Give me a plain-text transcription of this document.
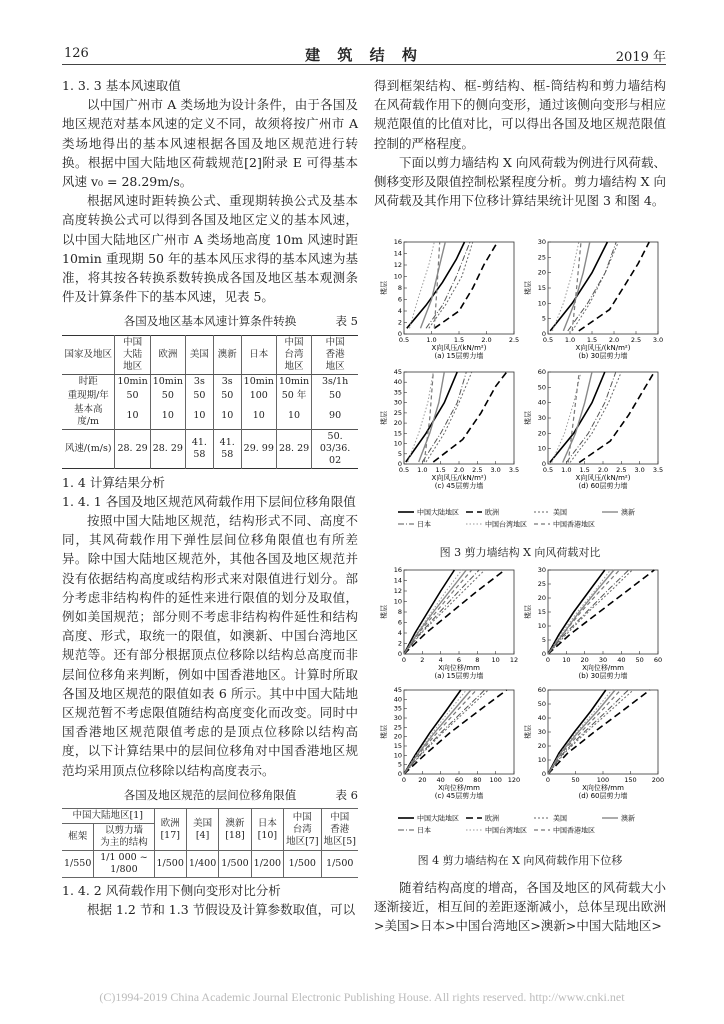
126	建 筑 结 构	2019 年
1. 3. 3 基本风速取值

以中国广州市 A 类场地为设计条件，由于各国及地区规范对基本风速的定义不同，故须将按广州市 A 类场地得出的基本风速根据各国及地区规范进行转换。根据中国大陆地区荷载规范[2]附录 E 可得基本风速 v₀ = 28.29m/s。

根据风速时距转换公式、重现期转换公式及基本高度转换公式可以得到各国及地区定义的基本风速，以中国大陆地区广州市 A 类场地高度 10m 风速时距 10min 重现期 50 年的基本风压求得的基本风速为基准，将其按各转换系数转换成各国及地区基本观测条件及计算条件下的基本风速，见表 5。

各国及地区基本风速计算条件转换	表 5
国家及地区	中国
大陆
地区	欧洲	美国	澳新	日本	中国
台湾
地区	中国
香港
地区
时距	10min	10min	3s	3s	10min	10min	3s/1h
重现期/年	50	50	50	50	100	50 年	50
基本高度/m	10	10	10	10	10	10	90
风速/(m/s)	28. 29	28. 29	41. 58	41. 58	29. 99	28. 29	50. 03/36. 02
1. 4 计算结果分析
1. 4. 1 各国及地区规范风荷载作用下层间位移角限值

按照中国大陆地区规范，结构形式不同、高度不同，其风荷载作用下弹性层间位移角限值也有所差异。除中国大陆地区规范外，其他各国及地区规范并没有依据结构高度或结构形式来对限值进行划分。部分考虑非结构构件的延性来进行限值的划分及取值，例如美国规范；部分则不考虑非结构构件延性和结构高度、形式，取统一的限值，如澳新、中国台湾地区规范等。还有部分根据顶点位移除以结构总高度而非层间位移角来判断，例如中国香港地区。计算时所取各国及地区规范的限值如表 6 所示。其中中国大陆地区规范暂不考虑限值随结构高度变化而改变。同时中国香港地区规范限值考虑的是顶点位移除以结构高度，以下计算结果中的层间位移角对中国香港地区规范均采用顶点位移除以结构高度表示。

各国及地区规范的层间位移角限值	表 6
中国大陆地区[1]		欧洲
[17]	美国
[4]	澳新
[18]	日本
[10]	中国
台湾
地区[7]	中国
香港
地区[5]
框架	以剪力墙
为主的结构						
1/550	1/1 000 ~ 1/800	1/500	1/400	1/500	1/200	1/500	1/500
1. 4. 2 风荷载作用下侧向变形对比分析

根据 1.2 节和 1.3 节假设及计算参数取值，可以

得到框架结构、框-剪结构、框-筒结构和剪力墙结构在风荷载作用下的侧向变形，通过该侧向变形与相应规范限值的比值对比，可以得出各国及地区规范限值控制的严格程度。

下面以剪力墙结构 X 向风荷载为例进行风荷载、侧移变形及限值控制松紧程度分析。剪力墙结构 X 向风荷载及其作用下位移计算结果统计见图 3 和图 4。

0.5	1.0	1.5	2.0	2.5
0
2
4
6
8
10
12
14
16
X向风压/(kN/m²)
(a) 15层剪力墙
楼层
0.5 1.0 1.5 2.0 2.5 3.0
0
5
10
15
20
25
30
X向风压/(kN/m²)
(b) 30层剪力墙
楼层
0.5 1.0 1.5 2.0 2.5 3.0 3.5
0
5
10
15
20
25
30
35
40
45
X向风压/(kN/m²)
(c) 45层剪力墙
楼层
0.5 1.0 1.5 2.0 2.5 3.0 3.5
0
10
20
30
40
50
60
X向风压/(kN/m²)
(d) 60层剪力墙
楼层
中国大陆地区	欧洲	美国	澳新
日本	中国台湾地区	中国香港地区
图 3 剪力墙结构 X 向风荷载对比
0 2 4 6 8 10 12
0
2
4
6
8
10
12
14
16
X向位移/mm
(a) 15层剪力墙
楼层
0 10 20 30 40 50 60
0
5
10
15
20
25
30
X向位移/mm
(b) 30层剪力墙
楼层
0 20 40 60 80 100 120
0
5
10
15
20
25
30
35
40
45
X向位移/mm
(c) 45层剪力墙
楼层
0	50	100 150 200
0
10
20
30
40
50
60
X向位移/mm
(d) 60层剪力墙
楼层
中国大陆地区	欧洲	美国	澳新
日本	中国台湾地区	中国香港地区
图 4 剪力墙结构在 X 向风荷载作用下位移

随着结构高度的增高，各国及地区的风荷载大小逐渐接近，相互间的差距逐渐减小，总体呈现出欧洲>美国>日本>中国台湾地区>澳新>中国大陆地区>

(C)1994-2019 China Academic Journal Electronic Publishing House. All rights reserved. http://www.cnki.net
